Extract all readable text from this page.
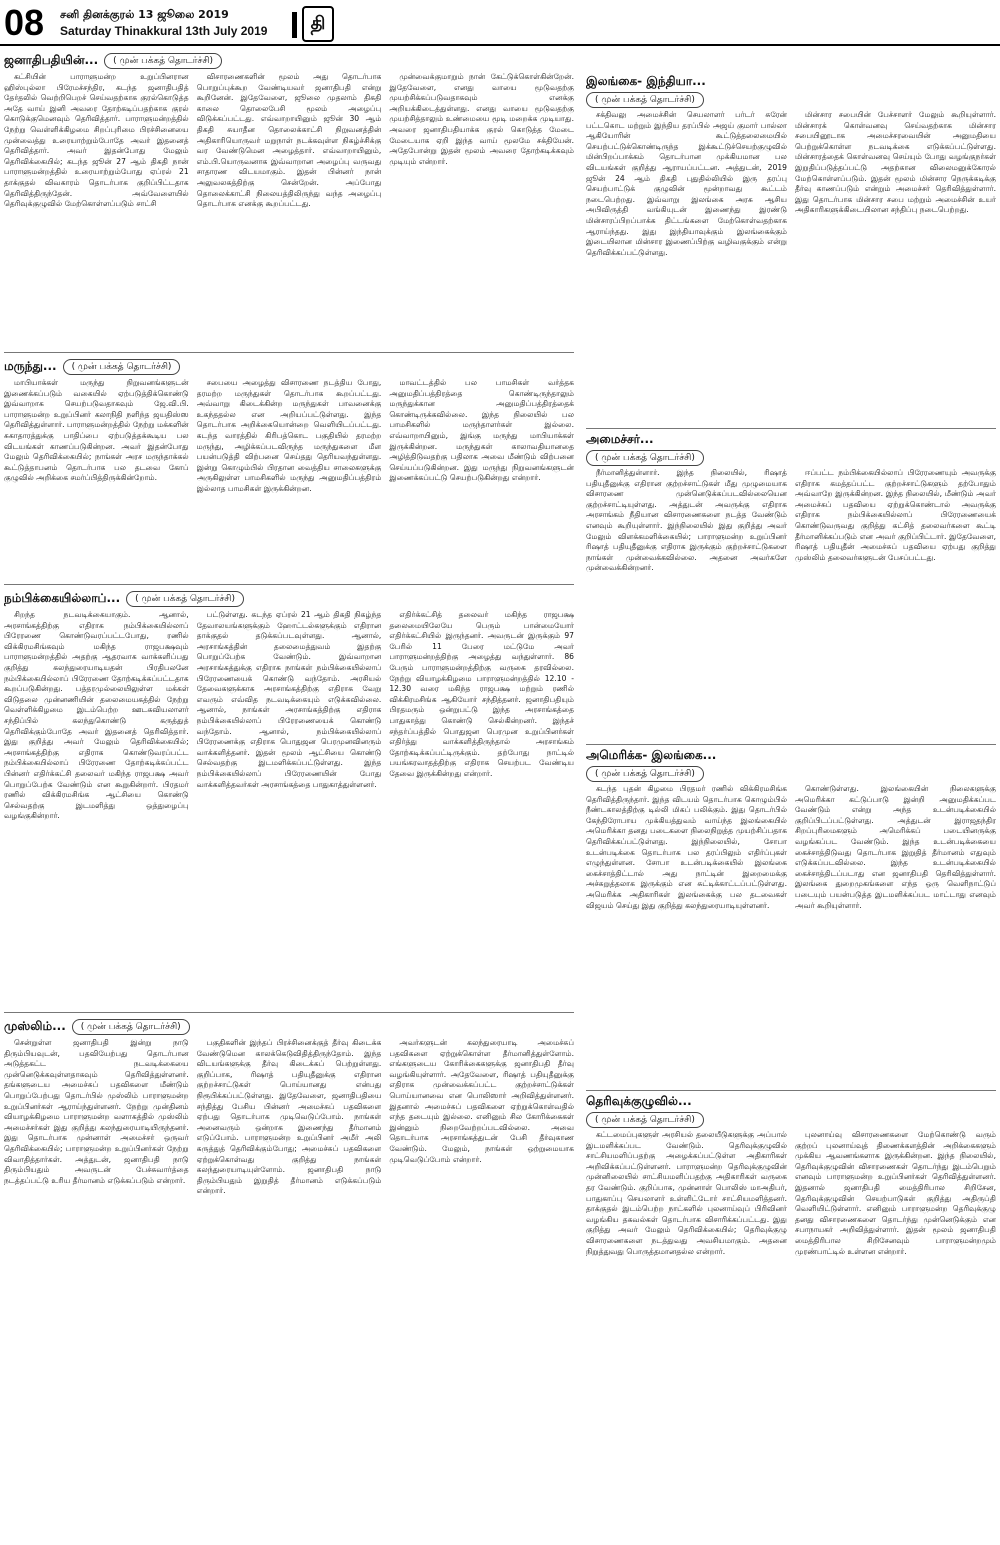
08 சனி தினக்குரல் 13 ஜூலை 2019
Saturday Thinakkural 13th July 2019	தி
ஜனாதிபதியின்...	( முன் பக்கத் தொடர்ச்சி)

கட்சியின் பாராளுமன்ற உறுப்பினரான ஹிஸ்புல்லா பிரேமச்சந்திர, கடந்த ஜனாதிபதித் தேர்தலில் வெற்றிபெறச் செய்வதற்காக குரல்கொடுத்த அதே வாய் இனி அவரை தோற்கடிப்பதற்காக குரல் கொடுக்குமெனவும் தெரிவித்தார். பாராளுமன்றத்தில் நேற்று வெள்ளிக்கிழமை சிறப்புரிமை பிரச்சினையை முன்வைத்து உரையாற்றும்போதே அவர் இதனைத் தெரிவித்தார். அவர் இதன்போது மேலும் தெரிவிக்கையில்; கடந்த ஜூன் 27 ஆம் திகதி நான் பாராளுமன்றத்தில் உரையாற்றும்போது ஏப்ரல் 21 தாக்குதல் விவகாரம் தொடர்பாக குறிப்பிட்டதாக தெரிவித்திருந்தேன். அவ்வேளையில் தெரிவுக்குழுவில் மேற்கொள்ளப்படும் சாட்சி

விசாரணைகளின் மூலம் அது தொடர்பாக பொறுப்புக்கூற வேண்டியவர் ஜனாதிபதி என்று கூறினேன். இதேவேளை, ஜூலை முதலாம் திகதி காலை தொலைபேசி மூலம் அழைப்பு விடுக்கப்பட்டது. எவ்வாறாயினும் ஜூன் 30 ஆம் திகதி சுயாதீன தொலைக்காட்சி நிறுவனத்தின் அதிகாரியொருவர் மறுநாள் நடக்கவுள்ள நிகழ்ச்சிக்கு வர வேண்டுமென அழைத்தார். எவ்வாறாயினும், எம்.பி.யொருவனாக இவ்வாறான அழைப்பு வருவது சாதாரண விடயமாகும். இதன் பின்னர் நான் அலுவலகத்திற்கு சென்றேன். அப்போது தொலைக்காட்சி நிலையத்திலிருந்து வந்த அழைப்பு தொடர்பாக எனக்கு கூறப்பட்டது.

முன்வைக்குமாறும் நான் கேட்டுக்கொள்கின்றேன். இதேவேளை, எனது வாயை மூடுவதற்கு முயற்சிக்கப்படுவதாகவும் எனக்கு அறியக்கிடைத்துள்ளது. எனது வாயை மூடுவதற்கு முயற்சித்தாலும் உண்மையை மூடி மறைக்க முடியாது. அவரை ஜனாதிபதியாக்க குரல் கொடுத்த மேடை மேடையாக ஏறி இந்த வாய் மூலமே சக்தியேன். அதேபோன்று இதன் மூலம் அவரை தோற்கடிக்கவும் முடியும் என்றார்.

இலங்கை- இந்தியா...
( முன் பக்கத் தொடர்ச்சி)

சக்திவலு அமைச்சின் செயலாளர் பர்டர் சுரேன் பட்டகொட மற்றும் இந்திய தரப்பில் அஜய் குமார் பால்லா ஆகியோரின் கூட்டுத்தலைமையில் செயற்பட்டுக்கொண்டிருந்த இக்கூட்டுச்செயற்குழுவில் மின்பிறப்பாக்கம் தொடர்பான முக்கியமான பல விடயங்கள் குறித்து ஆராயப்பட்டன. அத்துடன், 2019 ஜூன் 24 ஆம் திகதி புதுதில்லியில் இரு தரப்பு செயற்பாட்டுக் குழுவின் மூன்றாவது கூட்டம் நடைபெற்றது. இவ்வாறு இலங்கை அரசு ஆசிய அபிவிருத்தி வங்கியுடன் இணைந்து இரண்டு மின்சாரப்பிறப்பாக்க திட்டங்களை மேற்கொள்வதற்காக ஆராய்ந்தது. இது இந்தியாவுக்கும் இலங்கைக்கும் இடையிலான மின்சார இணைப்பிற்கு வழிவகுக்கும் என்று தெரிவிக்கப்பட்டுள்ளது.

மின்சார சபையின் பேச்சாளர் மேலும் கூறியுள்ளார். மின்சாரக் கொள்வனவு செய்வதற்காக மின்சார சபையினூடாக அமைச்சரவையின் அனுமதியை பெற்றுக்கொள்ள நடவடிக்கை எடுக்கப்பட்டுள்ளது. மின்சாரத்தைக் கொள்வனவு செய்யும் போது வழங்குநர்கள் இறுதிப்படுத்தப்பட்டு அதற்கான விலைமனுக்கோரல் மேற்கொள்ளப்படும். இதன் மூலம் மின்சார நெருக்கடிக்கு தீர்வு காணப்படும் என்றும் அமைச்சர் தெரிவித்துள்ளார். இது தொடர்பாக மின்சார சபை மற்றும் அமைச்சின் உயர் அதிகாரிகளுக்கிடையிலான சந்திப்பு நடைபெற்றது.

மருந்து...	( முன் பக்கத் தொடர்ச்சி)

மாபியாக்கள் மருந்து நிறுவனங்களுடன் இணைக்கப்படும் வகையில் ஏற்படுத்திக்கொண்டு இவ்வாறாக செயற்படுவதாகவும் ஜே.வி.பி. பாராளுமன்ற உறுப்பினர் கலாநிதி நளிந்த ஜயதிஸ்ஸ தெரிவித்துள்ளார். பாராளுமன்றத்தில் நேற்று மக்களின் சுகாதாரத்துக்கு பாதிப்பை ஏற்படுத்தக்கூடிய பல விடயங்கள் காணப்படுகின்றன. அவர் இதன்போது மேலும் தெரிவிக்கையில்; நாங்கள் அரச மருந்தாக்கல் கூட்டுத்தாபனம் தொடர்பாக பல தடவை கோப் குழுவில் அறிக்கை சமர்ப்பித்திருக்கின்றோம்.

சபையை அழைத்து விசாரணை நடத்திய போது, தரமற்ற மருந்துகள் தொடர்பாக கூறப்பட்டது. அவ்வாறு கிடைக்கின்ற மருந்துகள் பாவனைக்கு உகந்ததல்ல என அறியப்பட்டுள்ளது. இந்த தொடர்பாக அறிக்கையொன்றை வெளியிடப்பட்டது. கடந்த வாரத்தில் கிரிபத்கொட பகுதியில் தரமற்ற மருந்து, அழிக்கப்படவிருந்த மருந்துகளை மீள பயன்படுத்தி விற்பனை செய்தது தெரியவந்துள்ளது. இன்று கொழும்பில் பிரதான வைத்திய சாலைகளுக்கு அருகிலுள்ள பாமசிகளில் மருந்து அனுமதிப்பத்திரம் இல்லாத பாமசிகள் இருக்கின்றன.

மாவட்டத்தில் பல பாமசிகள் வர்த்தக அனுமதிப்பத்திரத்தை கொண்டிருந்தாலும் மருந்துக்கான அனுமதிப்பத்திரத்தைக் கொண்டிருக்கவில்லை. இந்த நிலையில் பல பாமசிகளில் மருந்தாளர்கள் இல்லை. எவ்வாறாயினும், இங்கு மருந்து மாபியாக்கள் இருக்கின்றன. மருந்துகள் காலாவதியானதை அழித்திடுவதற்கு பதிலாக அவை மீண்டும் விற்பனை செய்யப்படுகின்றன. இது மருந்து நிறுவனங்களுடன் இணைக்கப்பட்டு செயற்படுகின்றது என்றார்.

அமைச்சர்...
( முன் பக்கத் தொடர்ச்சி)

நீர்மானித்துள்ளார். இந்த நிலையில், ரிஷாத் பதியுதீனுக்கு எதிரான குற்றச்சாட்டுகள் மீது முழுமையாக விசாரணை முன்னெடுக்கப்படவில்லையென குற்றச்சாட்டியுள்ளது. அத்துடன் அவருக்கு எதிராக அரசாங்கம் நீதியான விசாரணைகளை நடத்த வேண்டும் எனவும் கூறியுள்ளார். இந்நிலையில் இது குறித்து அவர் மேலும் விளக்கமளிக்கையில்; பாராளுமன்ற உறுப்பினர் ரிஷாத் பதியுதீனுக்கு எதிராக இருக்கும் குற்றச்சாட்டுகளை நாங்கள் முன்வைக்கவில்லை. அதனை அவர்களே முன்வைக்கின்றனர்.

ஈப்பட்ட நம்பிக்கையில்லாப் பிரேரணையும் அவருக்கு எதிராக கமத்தப்பட்ட குற்றச்சாட்டுகளும் தற்போதும் அவ்வாறே இருக்கின்றன. இந்த நிலையில், மீண்டும் அவர் அமைச்சுப் பதவியை ஏற்றுக்கொண்டால் அவருக்கு எதிராக நம்பிக்கையில்லாப் பிரேரணையைக் கொண்டுவருவது குறித்து கட்சித் தலைவர்களை கூட்டி தீர்மானிக்கப்படும் என அவர் குறிப்பிட்டார். இதேவேளை, ரிஷாத் பதியுதீன் அமைச்சுப் பதவியை ஏற்பது குறித்து முஸ்லிம் தலைவர்களுடன் பேசப்பட்டது.

நம்பிக்கையில்லாப்...	( முன் பக்கத் தொடர்ச்சி)

சிறந்த நடவடிக்கையாகும். ஆனால், அரசாங்கத்திற்கு எதிராக நம்பிக்கையில்லாப் பிரேரணை கொண்டுவரப்பட்டபோது, ரணில் விக்கிரமசிங்கவும் மகிந்த ராஜபக்ஷவும் பாராளுமன்றத்தில் அதற்கு ஆதரவாக வாக்களிப்பது குறித்து கலந்துரையாடியதன் பிரதிபலனே நம்பிக்கையில்லாப் பிரேரணை தோற்கடிக்கப்பட்டதாக கூறப்படுகின்றது. பத்தரமுல்லையிலுள்ள மக்கள் விடுதலை முன்னணியின் தலைமையகத்தில் நேற்று வெள்ளிக்கிழமை இடம்பெற்ற ஊடகவியலாளர் சந்திப்பில் கலந்துகொண்டு கருத்துத் தெரிவிக்கும்போதே அவர் இதனைத் தெரிவித்தார். இது குறித்து அவர் மேலும் தெரிவிக்கையில்; அரசாங்கத்திற்கு எதிராக கொண்டுவரப்பட்ட நம்பிக்கையில்லாப் பிரேரணை தோற்கடிக்கப்பட்ட பின்னர் எதிர்க்கட்சி தலைவர் மகிந்த ராஜபக்ஷ அவர் பொறுப்பேற்க வேண்டும் என கூறுகின்றார். பிரதமர் ரணில் விக்கிரமசிங்க ஆட்சியை கொண்டு செல்வதற்கு இடமளித்து ஒத்துழைப்பு வழங்குகின்றார்.

பட்டுள்ளது. கடந்த ஏப்ரல் 21 ஆம் திகதி நிகழ்ந்த தேவாலயங்களுக்கும் ஹோட்டல்களுக்கும் எதிரான தாக்குதல் தடுக்கப்படவுள்ளது. ஆனால், அரசாங்கத்தின் தலைமைத்துவம் இதற்கு பொறுப்பேற்க வேண்டும். இவ்வாறான அரசாங்கத்துக்கு எதிராக நாங்கள் நம்பிக்கையில்லாப் பிரேரணையைக் கொண்டு வந்தோம். அரசியல் தேவைகளுக்காக அரசாங்கத்திற்கு எதிராக வேறு எவரும் எவ்வித நடவடிக்கையும் எடுக்கவில்லை. ஆனால், நாங்கள் அரசாங்கத்திற்கு எதிராக நம்பிக்கையில்லாப் பிரேரணையைக் கொண்டு வந்தோம். ஆனால், நம்பிக்கையில்லாப் பிரேரணைக்கு எதிராக பொதுஜன பெரமுனவினரும் வாக்களித்தனர். இதன் மூலம் ஆட்சியை கொண்டு செல்வதற்கு இடமளிக்கப்பட்டுள்ளது. இந்த நம்பிக்கையில்லாப் பிரேரணையின் போது வாக்களித்தவர்கள் அரசாங்கத்தை பாதுகாத்துள்ளனர்.

எதிர்க்கட்சித் தலைவர் மகிந்த ராஜபக்ஷ தலைமையிலேயே பெரும் பான்மையோர் எதிர்க்கட்சியில் இருந்தனர். அவருடன் இருக்கும் 97 பேரில் 11 பேரை மட்டுமே அவர் பாராளுமன்றத்திற்கு அழைத்து வந்துள்ளார். 86 பேரும் பாராளுமன்றத்திற்கு வருகை தரவில்லை. நேற்று வியாழக்கிழமை பாராளுமன்றத்தில் 12.10 - 12.30 வரை மகிந்த ராஜபக்ஷ மற்றும் ரணில் விக்கிரமசிங்க ஆகியோர் சந்தித்தனர். ஜனாதிபதியும் பிரதமரும் ஒன்றுபட்டு இந்த அரசாங்கத்தை பாதுகாத்து கொண்டு செல்கின்றனர். இந்தச் சந்தர்ப்பத்தில் பொதுஜன பெரமுன உறுப்பினர்கள் எதிர்த்து வாக்களித்திருந்தால் அரசாங்கம் தோற்கடிக்கப்பட்டிருக்கும். தற்போது நாட்டில் பயங்கரவாதத்திற்கு எதிராக செயற்பட வேண்டிய தேவை இருக்கின்றது என்றார்.

அமெரிக்க- இலங்கை...
( முன் பக்கத் தொடர்ச்சி)

கடந்த புதன் கிழமை பிரதமர் ரணில் விக்கிரமசிங்க தெரிவித்திருந்தார். இந்த விடயம் தொடர்பாக கொழும்பில் நீண்டகாலத்திற்கு டில்லி மிகப் பலிக்கும். இது தொடர்பில் கேந்திரோபாய முக்கியத்துவம் வாய்ந்த இலங்கையில் அமெரிக்கா தனது படைகளை நிலைநிறுத்த முயற்சிப்பதாக தெரிவிக்கப்பட்டுள்ளது. இந்நிலையில், சோபா உடன்படிக்கை தொடர்பாக பல தரப்பிலும் எதிர்ப்புகள் எழுந்துள்ளன. சோபா உடன்படிக்கையில் இலங்கை கைச்சாத்திட்டால் அது நாட்டின் இறைமைக்கு அச்சுறுத்தலாக இருக்கும் என சுட்டிக்காட்டப்பட்டுள்ளது. அமெரிக்க அதிகாரிகள் இலங்கைக்கு பல தடவைகள் விஜயம் செய்து இது குறித்து கலந்துரையாடியுள்ளனர்.

கொண்டுள்ளது. இலங்கையின் நிலைகளுக்கு அமெரிக்கா கட்டுப்பாடு இன்றி அனுமதிக்கப்பட வேண்டும் என்று அந்த உடன்படிக்கையில் குறிப்பிடப்பட்டுள்ளது. அத்துடன் இராஜதந்திர சிறப்புரிமைகளும் அமெரிக்கப் படையினருக்கு வழங்கப்பட வேண்டும். இந்த உடன்படிக்கையை கைச்சாத்திடுவது தொடர்பாக இறுதித் தீர்மானம் எதுவும் எடுக்கப்படவில்லை. இந்த உடன்படிக்கையில் கைச்சாத்திடப்படாது என ஜனாதிபதி தெரிவித்துள்ளார். இலங்கை துறைமுகங்களை எந்த ஒரு வெளிநாட்டுப் படையும் பயன்படுத்த இடமளிக்கப்பட மாட்டாது எனவும் அவர் கூறியுள்ளார்.

முஸ்லிம்...	( முன் பக்கத் தொடர்ச்சி)

சென்றுள்ள ஜனாதிபதி இன்று நாடு திரும்பியவுடன், பதவியேற்பது தொடர்பான அடுத்தகட்ட நடவடிக்கையை முன்னெடுக்கவுள்ளதாகவும் தெரிவித்துள்ளனர். தங்களுடைய அமைச்சுப் பதவிகளை மீண்டும் பொறுப்பேற்பது தொடர்பில் முஸ்லிம் பாராளுமன்ற உறுப்பினர்கள் ஆராய்ந்துள்ளனர். நேற்று முன்தினம் வியாழக்கிழமை பாராளுமன்ற வளாகத்தில் முஸ்லிம் அமைச்சர்கள் இது குறித்து கலந்துரையாடியிருந்தனர். இது தொடர்பாக முன்னாள் அமைச்சர் ஒருவர் தெரிவிக்கையில்; பாராளுமன்ற உறுப்பினர்கள் நேற்று விவாதித்தார்கள். அத்துடன், ஜனாதிபதி நாடு திரும்பியதும் அவருடன் பேச்சுவார்த்தை நடத்தப்பட்டு உரிய தீர்மானம் எடுக்கப்படும் என்றார்.

பகுதிகளின் இந்தப் பிரச்சினைக்குத் தீர்வு கிடைக்க வேண்டுமென காலக்கெடுவிதித்திருந்தோம். இந்த விடயங்களுக்கு தீர்வு கிடைக்கப் பெற்றுள்ளது. குறிப்பாக, ரிஷாத் பதியுதீனுக்கு எதிரான குற்றச்சாட்டுகள் பொய்யானது என்பது நிரூபிக்கப்பட்டுள்ளது. இதேவேளை, ஜனாதிபதியை சந்தித்து பேசிய பின்னர் அமைச்சுப் பதவிகளை ஏற்பது தொடர்பாக முடிவெடுப்போம். நாங்கள் அனைவரும் ஒன்றாக இணைந்து தீர்மானம் எடுப்போம். பாராளுமன்ற உறுப்பினர் அமீர் அலி கருத்துத் தெரிவிக்கும்போது; அமைச்சுப் பதவிகளை ஏற்றுக்கொள்வது குறித்து நாங்கள் கலந்துரையாடியுள்ளோம். ஜனாதிபதி நாடு திரும்பியதும் இறுதித் தீர்மானம் எடுக்கப்படும் என்றார்.

அவர்களுடன் கலந்துரையாடி அமைச்சுப் பதவிகளை ஏற்றுக்கொள்ள தீர்மானித்துள்ளோம். எங்களுடைய கோரிக்கைகளுக்கு ஜனாதிபதி தீர்வு வழங்கியுள்ளார். அதேவேளை, ரிஷாத் பதியுதீனுக்கு எதிராக முன்வைக்கப்பட்ட குற்றச்சாட்டுக்கள் பொய்யானவை என பொலிஸார் அறிவித்துள்ளனர். இதனால் அமைச்சுப் பதவிகளை ஏற்றுக்கொள்வதில் எந்த தடையும் இல்லை. எனினும் சில கோரிக்கைகள் இன்னும் நிறைவேற்றப்படவில்லை. அவை தொடர்பாக அரசாங்கத்துடன் பேசி தீர்வுகாண வேண்டும். மேலும், நாங்கள் ஒற்றுமையாக முடிவெடுப்போம் என்றார்.

தெரிவுக்குழுவில்...
( முன் பக்கத் தொடர்ச்சி)

கட்டமைப்புகளுள் அரசியல் தலையீடுகளுக்கு அப்பால் இடமளிக்கப்பட வேண்டும். தெரிவுக்குழுவில் சாட்சியமளிப்பதற்கு அழைக்கப்பட்டுள்ள அதிகாரிகள் அறிவிக்கப்பட்டுள்ளனர். பாராளுமன்ற தெரிவுக்குழுவின் முன்னிலையில் சாட்சியமளிப்பதற்கு அதிகாரிகள் வருகை தர வேண்டும். குறிப்பாக, முன்னாள் பொலிஸ் மாஅதிபர், பாதுகாப்பு செயலாளர் உள்ளிட்டோர் சாட்சியமளித்தனர். தாக்குதல் இடம்பெற்ற நாட்களில் புலனாய்வுப் பிரிவினர் வழங்கிய தகவல்கள் தொடர்பாக விசாரிக்கப்பட்டது. இது குறித்து அவர் மேலும் தெரிவிக்கையில்; தெரிவுக்குழு விசாரணைகளை நடத்துவது அவசியமாகும். அதனை நிறுத்துவது பொருத்தமானதல்ல என்றார்.

புலனாய்வு விசாரணைகளை மேற்கொண்டு வரும் குற்றப் புலனாய்வுத் திணைக்களத்தின் அறிக்கைகளும் முக்கிய ஆவணங்களாக இருக்கின்றன. இந்த நிலையில், தெரிவுக்குழுவின் விசாரணைகள் தொடர்ந்து இடம்பெறும் எனவும் பாராளுமன்ற உறுப்பினர்கள் தெரிவித்துள்ளனர். இதனால் ஜனாதிபதி மைத்திரிபால சிறிசேன, தெரிவுக்குழுவின் செயற்பாடுகள் குறித்து அதிருப்தி வெளியிட்டுள்ளார். எனினும் பாராளுமன்ற தெரிவுக்குழு தனது விசாரணைகளை தொடர்ந்து முன்னெடுக்கும் என சபாநாயகர் அறிவித்துள்ளார். இதன் மூலம் ஜனாதிபதி மைத்திரிபால சிறிசேனவும் பாராளுமன்றமும் முரண்பாட்டில் உள்ளன என்றார்.
